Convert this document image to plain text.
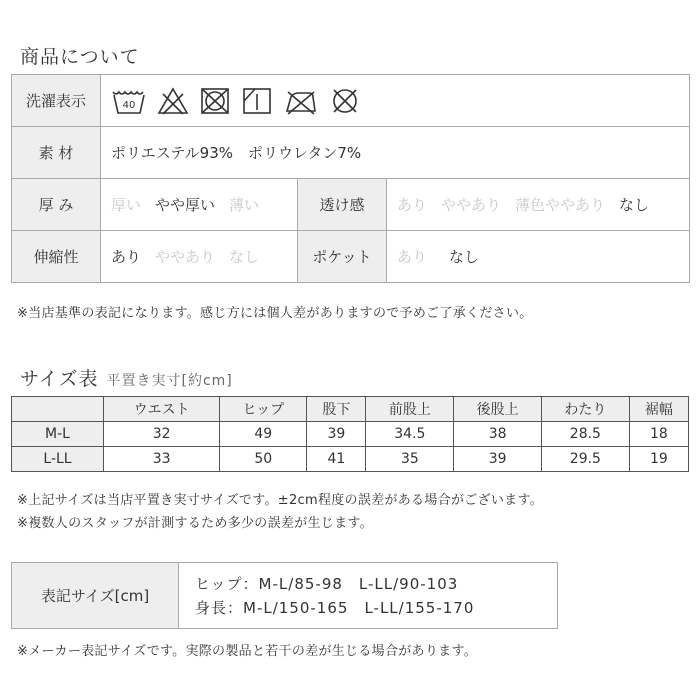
商品について
洗濯表示	40		

素 材	ポリエステル93%　ポリウレタン7%		
厚 み	厚い やや厚い 薄い	透け感	あり ややあり 薄色ややあり なし
伸縮性	あり ややあり なし	ポケット	あり なし
※当店基準の表記になります。感じ方には個人差がありますので予めご了承ください。
サイズ表 平置き実寸[約cm]
	ウエスト	ヒップ	股下	前股上	後股上	わたり	裾幅
M-L	32	49	39	34.5	38	28.5	18
L-LL	33	50	41	35	39	29.5	19
※上記サイズは当店平置き実寸サイズです。±2cm程度の誤差がある場合がございます。
※複数人のスタッフが計測するため多少の誤差が生じます。
表記サイズ[cm]
ヒップ：M-L/85-98　L-LL/90-103
身長：M-L/150-165　L-LL/155-170
※メーカー表記サイズです。実際の製品と若干の差が生じる場合があります。
